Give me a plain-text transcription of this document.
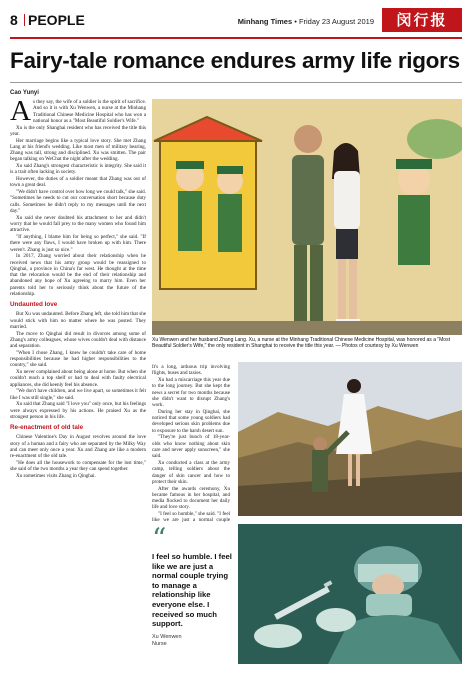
8 PEOPLE	Minhang Times • Friday 23 August 2019	闵行报
Fairy-tale romance endures army life rigors
Cao Yunyi

As they say, the wife of a soldier is the spirit of sacrifice. And so it is with Xu Wenwen, a nurse at the Minhang Traditional Chinese Medicine Hospital who has won a national honor as a "Most Beautiful Soldier's Wife."

Xu is the only Shanghai resident who has received the title this year.

Her marriage begins like a typical love story. She met Zhang Lang at his friend's wedding. Like most men of military bearing, Zhang was tall, strong and disciplined. Xu was smitten. The pair began talking on WeChat the night after the wedding.

Xu said Zhang's strongest characteristic is integrity. She said it is a trait often lacking in society.

However, the duties of a soldier meant that Zhang was out of town a great deal.

"We didn't have control over how long we could talk," she said. "Sometimes he needs to cut our conversation short because duty calls. Sometimes he didn't reply to my messages until the next day."

Xu said she never doubted his attachment to her and didn't worry that he would fall prey to the many women who found him attractive.

"If anything, I blame him for being so perfect," she said. "If there were any flaws, I would have broken up with him. There weren't. Zhang is just so nice."

In 2017, Zhang worried about their relationship when he received news that his army group would be reassigned to Qinghai, a province in China's far west. He thought at the time that the relocation would be the end of their relationship and abandoned any hope of Xu agreeing to marry him. Even her parents told her to seriously think about the future of the relationship.

Undaunted love

But Xu was undaunted. Before Zhang left, she told him that she would stick with him no matter where he was posted. They married.

The move to Qinghai did result in divorces among some of Zhang's army colleagues, whose wives couldn't deal with distance and separation.

"When I chose Zhang, I knew he couldn't take care of home responsibilities because he had higher responsibilities to the country," she said.

Xu never complained about being alone at home. But when she couldn't reach a top shelf or had to deal with faulty electrical appliances, she did keenly feel his absence.

"We don't have children, and we live apart, so sometimes it felt like I was still single," she said.

Xu said that Zhang said "I love you" only once, but his feelings were always expressed by his actions. He praised Xu as the strongest person in his life.

Re-enactment of old tale

Chinese Valentine's Day in August revolves around the love story of a human and a fairy who are separated by the Milky Way and can meet only once a year. Xu and Zhang are like a modern re-enactment of the old tale.

"He does all the housework to compensate for the lost time," she said of the two months a year they can spend together.

Xu sometimes visits Zhang in Qinghai.

Xu Wenwen and her husband Zhang Lang. Xu, a nurse at the Minhang Traditional Chinese Medicine Hospital, was honored as a "Most Beautiful Soldier's Wife," the only resident in Shanghai to receive the title this year. — Photos of courtesy by Xu Wenwen

It's a long, arduous trip involving flights, buses and taxies.

Xu had a miscarriage this year due to the long journey. But she kept the news a secret for two months because she didn't want to disrupt Zhang's work.

During her stay in Qinghai, she noticed that some young soldiers had developed serious skin problems due to exposure to the harsh desert sun.

"They're just bunch of 18-year-olds who know nothing about skin care and never apply sunscreen," she said.

Xu conducted a class at the army camp, telling soldiers about the danger of skin cancer and how to protect their skin.

After the awards ceremony, Xu became famous in her hospital, and media flocked to document her daily life and love story.

"I feel so humble," she said. "I feel like we are just a normal couple

“
I feel so humble. I feel like we are just a normal couple trying to manage a relationship like everyone else. I received so much support.
Xu Wenwen
Nurse
